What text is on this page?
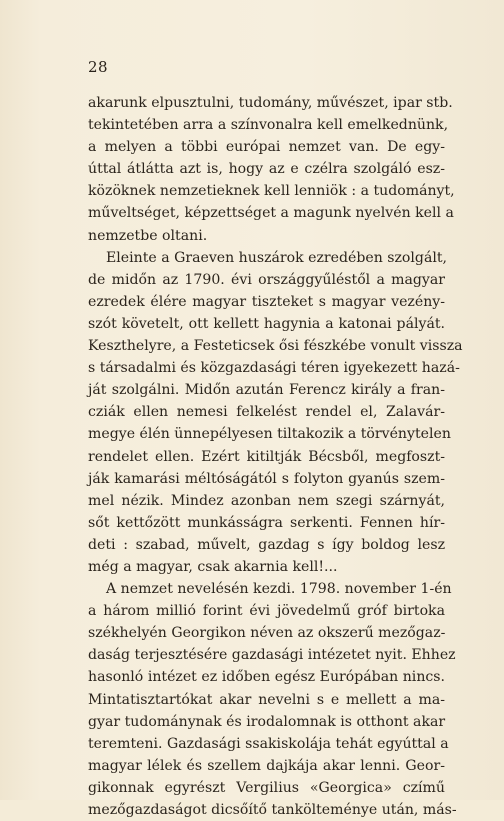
28
akarunk elpusztulni, tudomány, művészet, ipar stb.
tekintetében arra a színvonalra kell emelkednünk,
a melyen a többi európai nemzet van. De egy-
úttal átlátta azt is, hogy az e czélra szolgáló esz-
közöknek nemzetieknek kell lenniök : a tudományt,
műveltséget, képzettséget a magunk nyelvén kell a
nemzetbe oltani.
Eleinte a Graeven huszárok ezredében szolgált,
de midőn az 1790. évi országgyűléstől a magyar
ezredek élére magyar tiszteket s magyar vezény-
szót követelt, ott kellett hagynia a katonai pályát.
Keszthelyre, a Festeticsek ősi fészkébe vonult vissza
s társadalmi és közgazdasági téren igyekezett hazá-
ját szolgálni. Midőn azután Ferencz király a fran-
cziák ellen nemesi felkelést rendel el, Zalavár-
megye élén ünnepélyesen tiltakozik a törvénytelen
rendelet ellen. Ezért kitiltják Bécsből, megfoszt-
ják kamarási méltóságától s folyton gyanús szem-
mel nézik. Mindez azonban nem szegi szárnyát,
sőt kettőzött munkásságra serkenti. Fennen hír-
deti : szabad, művelt, gazdag s így boldog lesz
még a magyar, csak akarnia kell!...
A nemzet nevelésén kezdi. 1798. november 1-én
a három millió forint évi jövedelmű gróf birtoka
székhelyén Georgikon néven az okszerű mezőgaz-
daság terjesztésére gazdasági intézetet nyit. Ehhez
hasonló intézet ez időben egész Európában nincs.
Mintatisztartókat akar nevelni s e mellett a ma-
gyar tudománynak és irodalomnak is otthont akar
teremteni. Gazdasági ssakiskolája tehát egyúttal a
magyar lélek és szellem dajkája akar lenni. Geor-
gikonnak egyrészt Vergilius «Georgica» czímű
mezőgazdaságot dicsőítő tankölteménye után, más-
